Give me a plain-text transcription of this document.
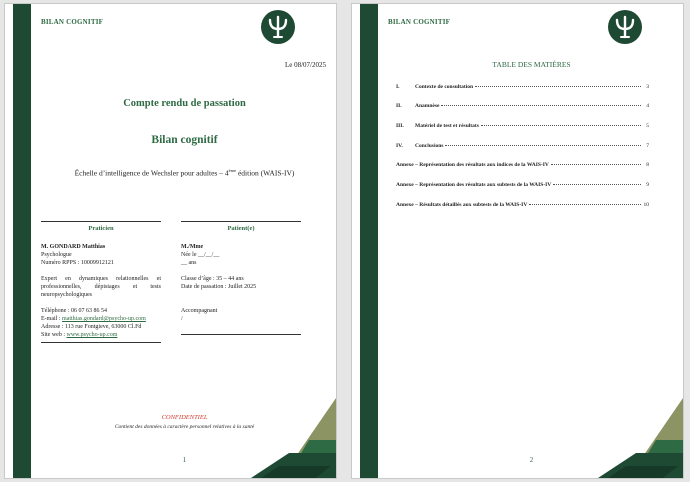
BILAN COGNITIF
Le 08/07/2025
Compte rendu de passation
Bilan cognitif
Échelle d’intelligence de Wechsler pour adultes – 4ème édition (WAIS-IV)
Praticien
M. GONDARD Matthias
Psychologue
Numéro RPPS : 10009912121
Expert en dynamiques relationnelles et professionnelles, dépistages et tests neuropsychologiques
Téléphone : 06 07 63 86 54
E-mail : matthias.gondard@psycho-up.com
Adresse : 113 rue Fontgieve, 63000 Cl.Fd
Site web : www.psycho-up.com
Patient(e)
M./Mme
Née le __/__/__
__ ans
Classe d’âge : 35 – 44 ans
Date de passation : Juillet 2025
Accompagnant
/
CONFIDENTIEL
Contient des données à caractère personnel relatives à la santé
1
BILAN COGNITIF
TABLE DES MATIÈRES
I.	Contexte de consultation	3
II.	Anamnèse	4
III.	Matériel de test et résultats	5
IV.	Conclusions	7
Annexe – Représentation des résultats aux indices de la WAIS-IV	8
Annexe – Représentation des résultats aux subtests de la WAIS-IV	9
Annexe – Résultats détaillés aux subtests de la WAIS-IV	10
2
